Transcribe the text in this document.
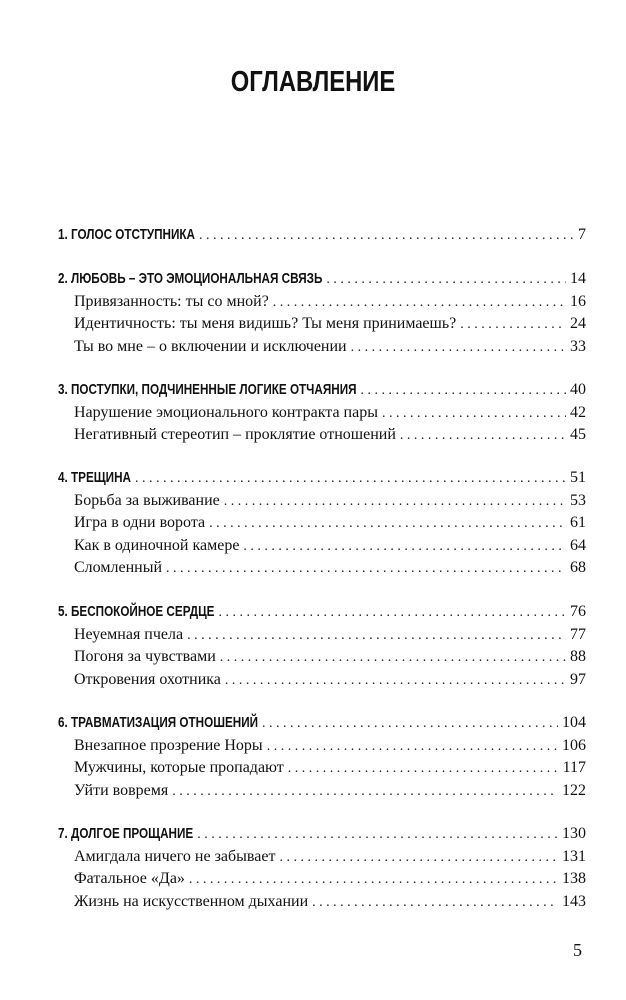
ОГЛАВЛЕНИЕ
1. ГОЛОС ОТСТУПНИКА . . .	7
2. ЛЮБОВЬ – ЭТО ЭМОЦИОНАЛЬНАЯ СВЯЗЬ . . .	14
Привязанность: ты со мной? . . .	16
Идентичность: ты меня видишь? Ты меня принимаешь? . . .	24
Ты во мне – о включении и исключении . . .	33
3. ПОСТУПКИ, ПОДЧИНЕННЫЕ ЛОГИКЕ ОТЧАЯНИЯ . . .	40
Нарушение эмоционального контракта пары . . .	42
Негативный стереотип – проклятие отношений . . .	45
4. ТРЕЩИНА . . .	51
Борьба за выживание . . .	53
Игра в одни ворота . . .	61
Как в одиночной камере . . .	64
Сломленный . . .	68
5. БЕСПОКОЙНОЕ СЕРДЦЕ . . .	76
Неуемная пчела . . .	77
Погоня за чувствами . . .	88
Откровения охотника . . .	97
6. ТРАВМАТИЗАЦИЯ ОТНОШЕНИЙ . . .	104
Внезапное прозрение Норы . . .	106
Мужчины, которые пропадают . . .	117
Уйти вовремя . . .	122
7. ДОЛГОЕ ПРОЩАНИЕ . . .	130
Амигдала ничего не забывает . . .	131
Фатальное «Да» . . .	138
Жизнь на искусственном дыхании . . .	143
5
